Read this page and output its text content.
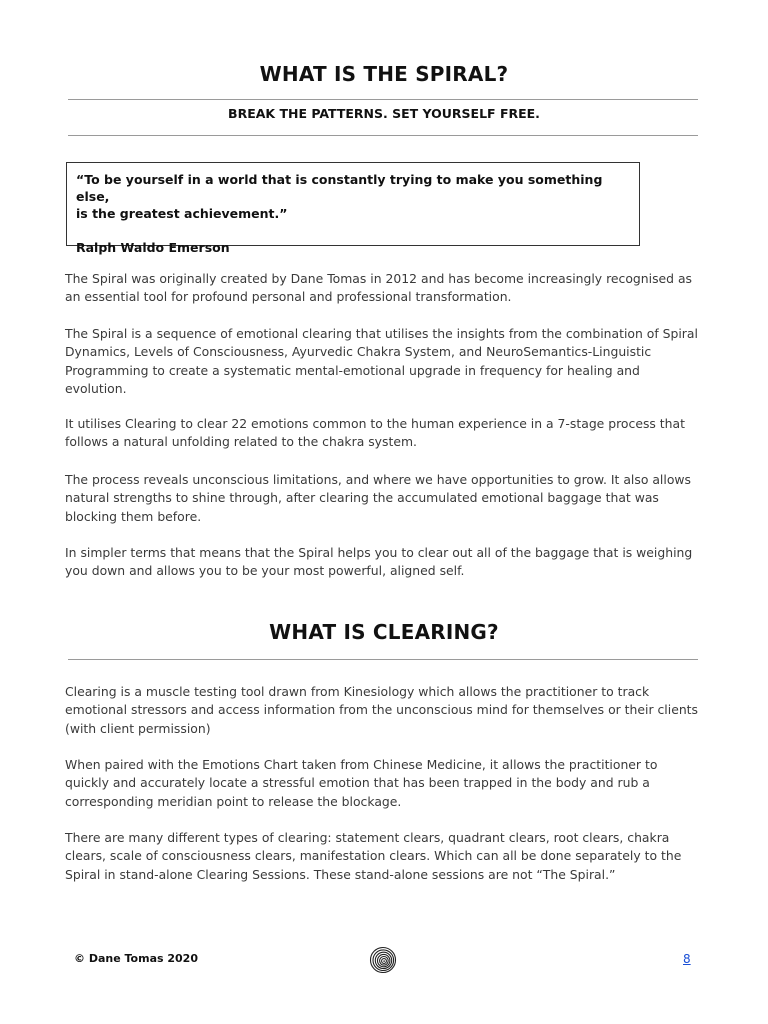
WHAT IS THE SPIRAL?
BREAK THE PATTERNS. SET YOURSELF FREE.
“To be yourself in a world that is constantly trying to make you something else,
is the greatest achievement.”
Ralph Waldo Emerson

The Spiral was originally created by Dane Tomas in 2012 and has become increasingly recognised as an essential tool for profound personal and professional transformation.

The Spiral is a sequence of emotional clearing that utilises the insights from the combination of Spiral Dynamics, Levels of Consciousness, Ayurvedic Chakra System, and NeuroSemantics-Linguistic Programming to create a systematic mental-emotional upgrade in frequency for healing and evolution.

It utilises Clearing to clear 22 emotions common to the human experience in a 7-stage process that follows a natural unfolding related to the chakra system.

The process reveals unconscious limitations, and where we have opportunities to grow. It also allows natural strengths to shine through, after clearing the accumulated emotional baggage that was blocking them before.

In simpler terms that means that the Spiral helps you to clear out all of the baggage that is weighing you down and allows you to be your most powerful, aligned self.

WHAT IS CLEARING?

Clearing is a muscle testing tool drawn from Kinesiology which allows the practitioner to track emotional stressors and access information from the unconscious mind for themselves or their clients (with client permission)

When paired with the Emotions Chart taken from Chinese Medicine, it allows the practitioner to quickly and accurately locate a stressful emotion that has been trapped in the body and rub a corresponding meridian point to release the blockage.

There are many different types of clearing: statement clears, quadrant clears, root clears, chakra clears, scale of consciousness clears, manifestation clears. Which can all be done separately to the Spiral in stand-alone Clearing Sessions. These stand-alone sessions are not “The Spiral.”

© Dane Tomas 2020	8
